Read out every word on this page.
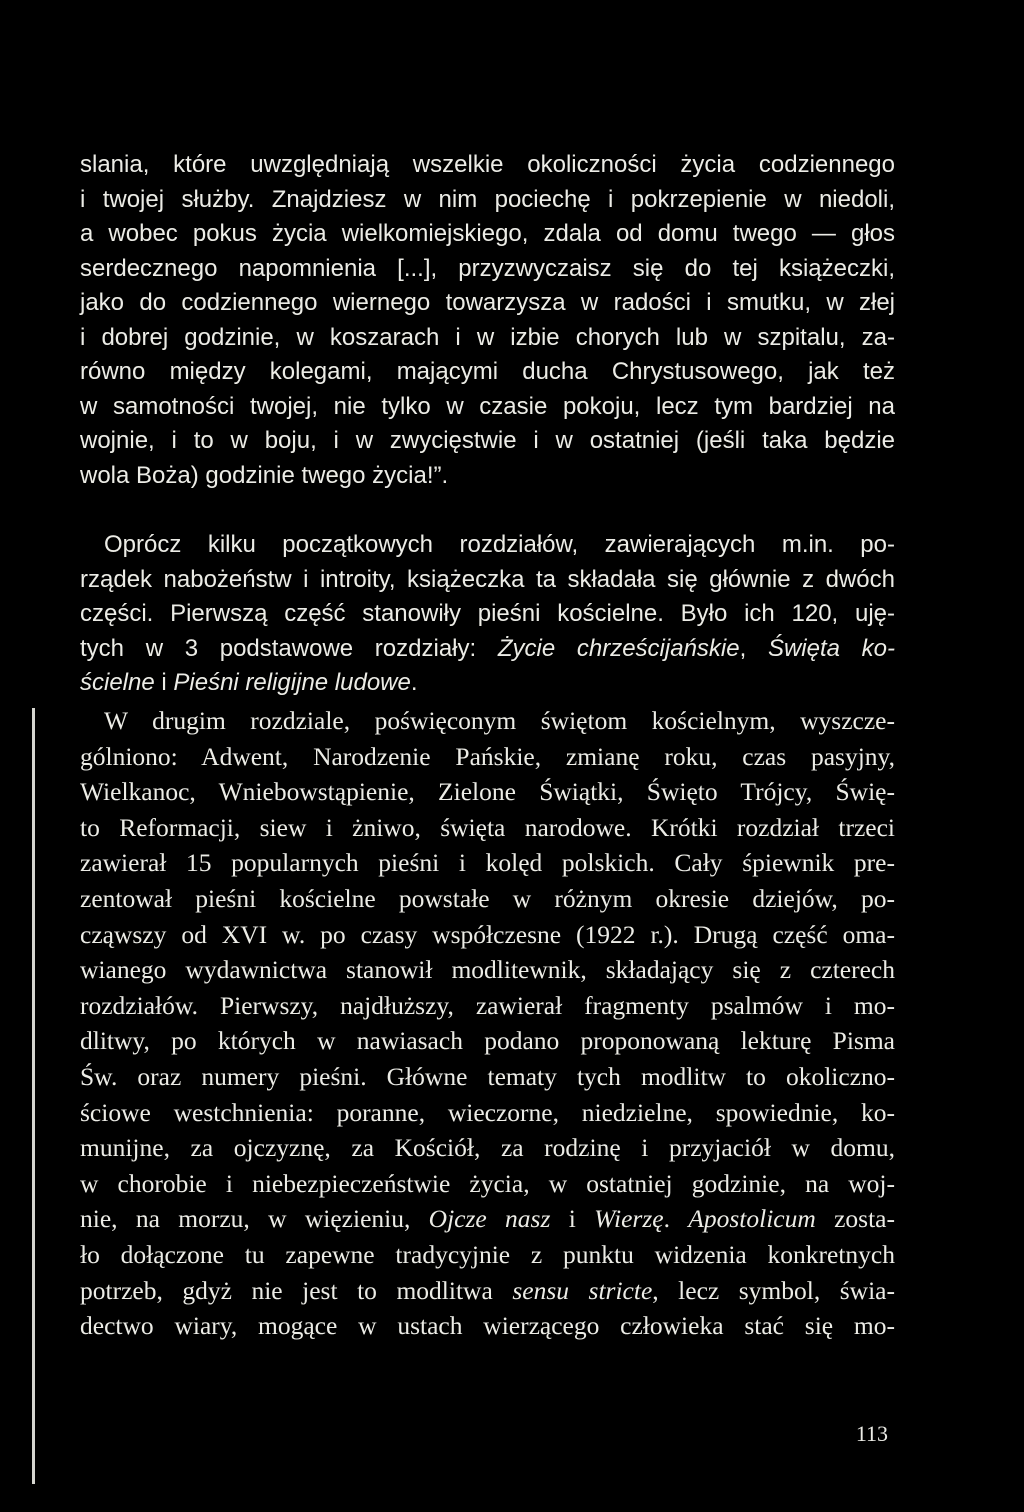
slania, które uwzględniają wszelkie okoliczności życia codziennego
i twojej służby. Znajdziesz w nim pociechę i pokrzepienie w niedoli,
a wobec pokus życia wielkomiejskiego, zdala od domu twego — głos
serdecznego napomnienia [...], przyzwyczaisz się do tej książeczki,
jako do codziennego wiernego towarzysza w radości i smutku, w złej
i dobrej godzinie, w koszarach i w izbie chorych lub w szpitalu, za-
równo między kolegami, mającymi ducha Chrystusowego, jak też
w samotności twojej, nie tylko w czasie pokoju, lecz tym bardziej na
wojnie, i to w boju, i w zwycięstwie i w ostatniej (jeśli taka będzie
wola Boża) godzinie twego życia!”.
Oprócz kilku początkowych rozdziałów, zawierających m.in. po-
rządek nabożeństw i introity, książeczka ta składała się głównie z dwóch
części. Pierwszą część stanowiły pieśni kościelne. Było ich 120, uję-
tych w 3 podstawowe rozdziały: Życie chrześcijańskie, Święta ko-
ścielne i Pieśni religijne ludowe.
W drugim rozdziale, poświęconym świętom kościelnym, wyszcze-
gólniono: Adwent, Narodzenie Pańskie, zmianę roku, czas pasyjny,
Wielkanoc, Wniebowstąpienie, Zielone Świątki, Święto Trójcy, Świę-
to Reformacji, siew i żniwo, święta narodowe. Krótki rozdział trzeci
zawierał 15 popularnych pieśni i kolęd polskich. Cały śpiewnik pre-
zentował pieśni kościelne powstałe w różnym okresie dziejów, po-
cząwszy od XVI w. po czasy współczesne (1922 r.). Drugą część oma-
wianego wydawnictwa stanowił modlitewnik, składający się z czterech
rozdziałów. Pierwszy, najdłuższy, zawierał fragmenty psalmów i mo-
dlitwy, po których w nawiasach podano proponowaną lekturę Pisma
Św. oraz numery pieśni. Główne tematy tych modlitw to okoliczno-
ściowe westchnienia: poranne, wieczorne, niedzielne, spowiednie, ko-
munijne, za ojczyznę, za Kościół, za rodzinę i przyjaciół w domu,
w chorobie i niebezpieczeństwie życia, w ostatniej godzinie, na woj-
nie, na morzu, w więzieniu, Ojcze nasz i Wierzę. Apostolicum zosta-
ło dołączone tu zapewne tradycyjnie z punktu widzenia konkretnych
potrzeb, gdyż nie jest to modlitwa sensu stricte, lecz symbol, świa-
dectwo wiary, mogące w ustach wierzącego człowieka stać się mo-
113
